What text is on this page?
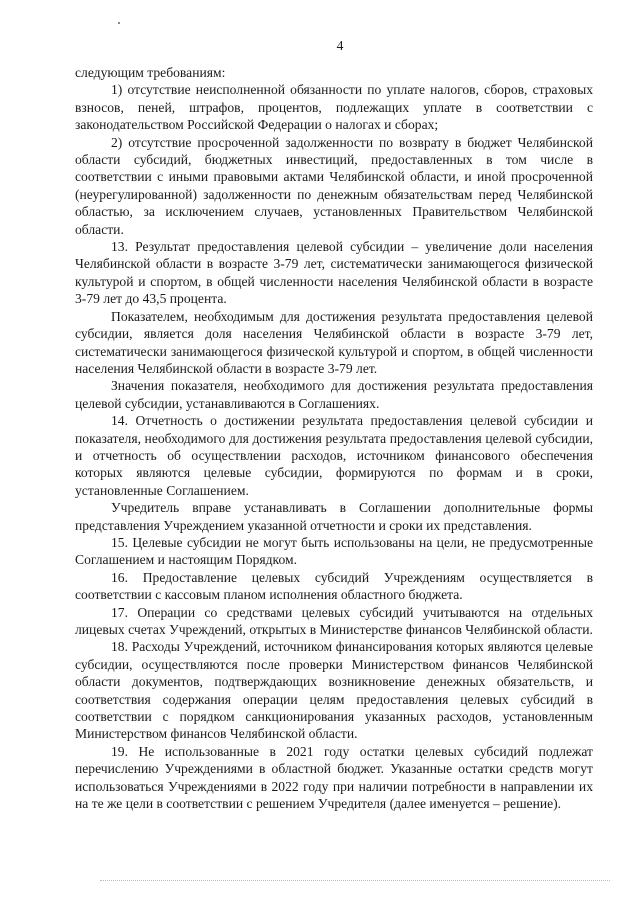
4

следующим требованиям:

1) отсутствие неисполненной обязанности по уплате налогов, сборов, страховых взносов, пеней, штрафов, процентов, подлежащих уплате в соответствии с законодательством Российской Федерации о налогах и сборах;

2) отсутствие просроченной задолженности по возврату в бюджет Челябинской области субсидий, бюджетных инвестиций, предоставленных в том числе в соответствии с иными правовыми актами Челябинской области, и иной просроченной (неурегулированной) задолженности по денежным обязательствам перед Челябинской областью, за исключением случаев, установленных Правительством Челябинской области.

13. Результат предоставления целевой субсидии – увеличение доли населения Челябинской области в возрасте 3-79 лет, систематически занимающегося физической культурой и спортом, в общей численности населения Челябинской области в возрасте 3-79 лет до 43,5 процента.

Показателем, необходимым для достижения результата предоставления целевой субсидии, является доля населения Челябинской области в возрасте 3-79 лет, систематически занимающегося физической культурой и спортом, в общей численности населения Челябинской области в возрасте 3-79 лет.

Значения показателя, необходимого для достижения результата предоставления целевой субсидии, устанавливаются в Соглашениях.

14. Отчетность о достижении результата предоставления целевой субсидии и показателя, необходимого для достижения результата предоставления целевой субсидии, и отчетность об осуществлении расходов, источником финансового обеспечения которых являются целевые субсидии, формируются по формам и в сроки, установленные Соглашением.

Учредитель вправе устанавливать в Соглашении дополнительные формы представления Учреждением указанной отчетности и сроки их представления.

15. Целевые субсидии не могут быть использованы на цели, не предусмотренные Соглашением и настоящим Порядком.

16. Предоставление целевых субсидий Учреждениям осуществляется в соответствии с кассовым планом исполнения областного бюджета.

17. Операции со средствами целевых субсидий учитываются на отдельных лицевых счетах Учреждений, открытых в Министерстве финансов Челябинской области.

18. Расходы Учреждений, источником финансирования которых являются целевые субсидии, осуществляются после проверки Министерством финансов Челябинской области документов, подтверждающих возникновение денежных обязательств, и соответствия содержания операции целям предоставления целевых субсидий в соответствии с порядком санкционирования указанных расходов, установленным Министерством финансов Челябинской области.

19. Не использованные в 2021 году остатки целевых субсидий подлежат перечислению Учреждениями в областной бюджет. Указанные остатки средств могут использоваться Учреждениями в 2022 году при наличии потребности в направлении их на те же цели в соответствии с решением Учредителя (далее именуется – решение).
